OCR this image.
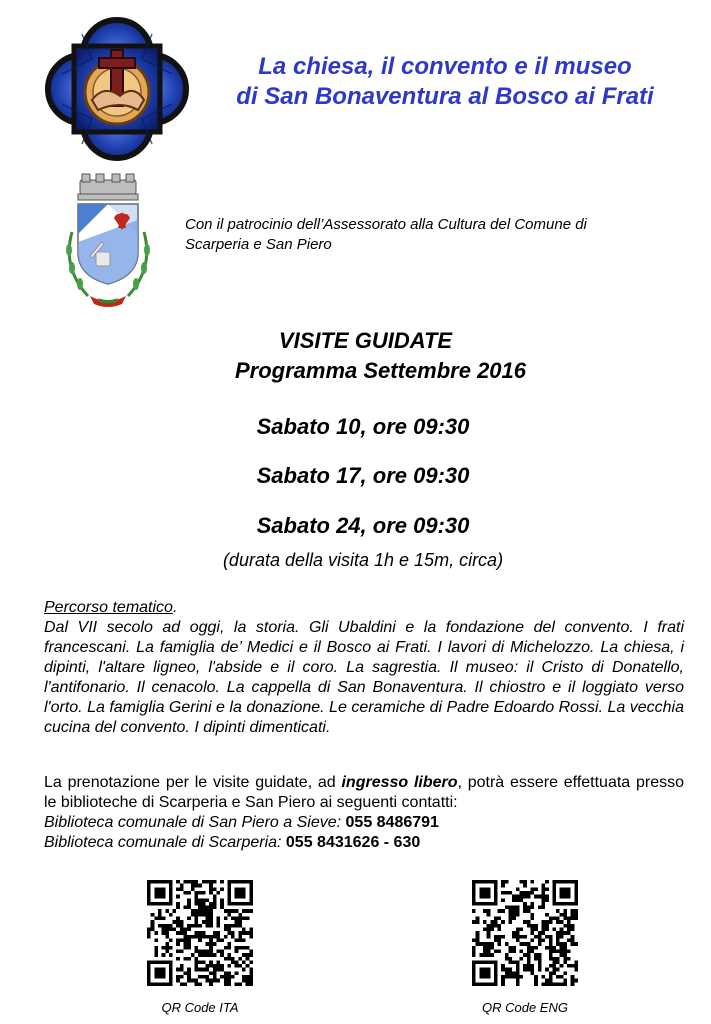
La chiesa, il convento e il museo
di San Bonaventura al Bosco ai Frati
Con il patrocinio dell’Assessorato alla Cultura del Comune di
Scarperia e San Piero
VISITE GUIDATE
Programma Settembre 2016
Sabato 10, ore 09:30
Sabato 17, ore 09:30
Sabato 24, ore 09:30
(durata della visita 1h e 15m, circa)
Percorso tematico.
Dal VII secolo ad oggi, la storia. Gli Ubaldini e la fondazione del convento. I frati francescani. La famiglia de’ Medici e il Bosco ai Frati. I lavori di Michelozzo. La chiesa, i dipinti, l'altare ligneo, l'abside e il coro. La sagrestia. Il museo: il Cristo di Donatello, l'antifonario. Il cenacolo. La cappella di San Bonaventura. Il chiostro e il loggiato verso l'orto. La famiglia Gerini e la donazione. Le ceramiche di Padre Edoardo Rossi. La vecchia cucina del convento. I dipinti dimenticati.
La prenotazione per le visite guidate, ad ingresso libero, potrà essere effettuata presso le biblioteche di Scarperia e San Piero ai seguenti contatti:
Biblioteca comunale di San Piero a Sieve: 055 8486791
Biblioteca comunale di Scarperia: 055 8431626 - 630
QR Code ITA	QR Code ENG
